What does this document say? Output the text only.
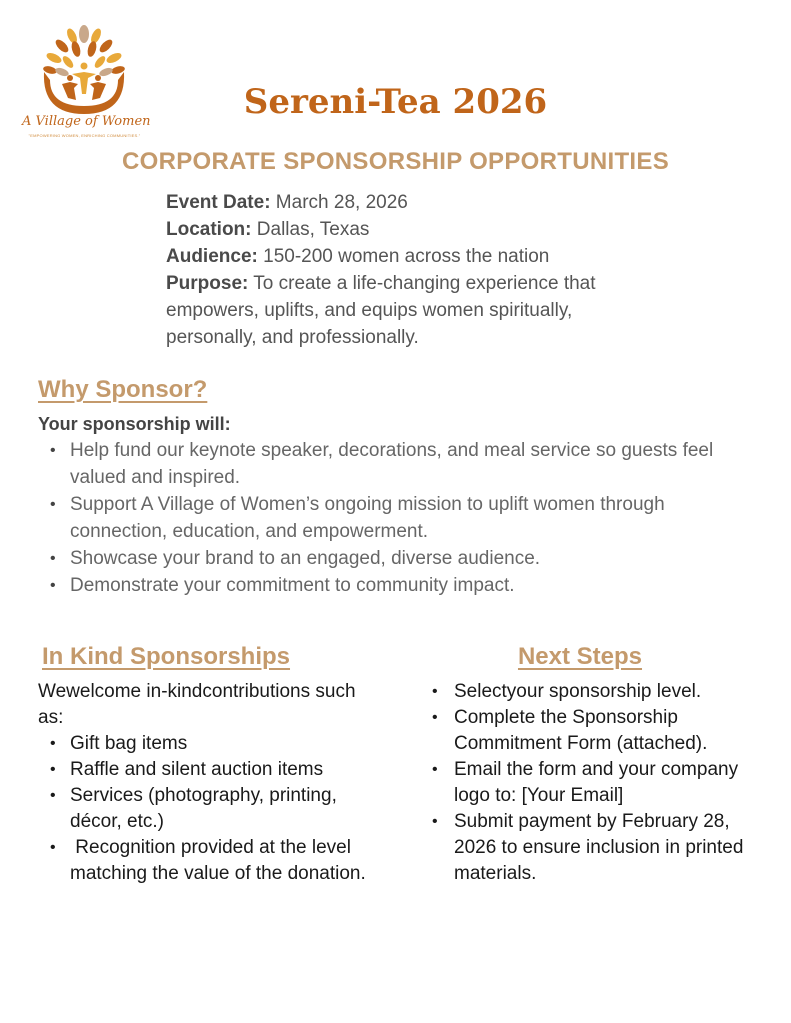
A Village of Women
"EMPOWERING WOMEN, ENRICHING COMMUNITIES."
Sereni-Tea 2026
CORPORATE SPONSORSHIP OPPORTUNITIES
Event Date: March 28, 2026
Location: Dallas, Texas
Audience: 150-200 women across the nation
Purpose: To create a life-changing experience that empowers, uplifts, and equips women spiritually, personally, and professionally.
Why Sponsor?
Your sponsorship will:
• Help fund our keynote speaker, decorations, and meal service so guests feel valued and inspired.
• Support A Village of Women’s ongoing mission to uplift women through connection, education, and empowerment.
• Showcase your brand to an engaged, diverse audience.
• Demonstrate your commitment to community impact.
In Kind Sponsorships
Wewelcome in-kindcontributions such as:
• Gift bag items
• Raffle and silent auction items
• Services (photography, printing, décor, etc.)
• Recognition provided at the level matching the value of the donation.
Next Steps
• Selectyour sponsorship level.
• Complete the Sponsorship Commitment Form (attached).
• Email the form and your company logo to: [Your Email]
• Submit payment by February 28, 2026 to ensure inclusion in printed materials.
